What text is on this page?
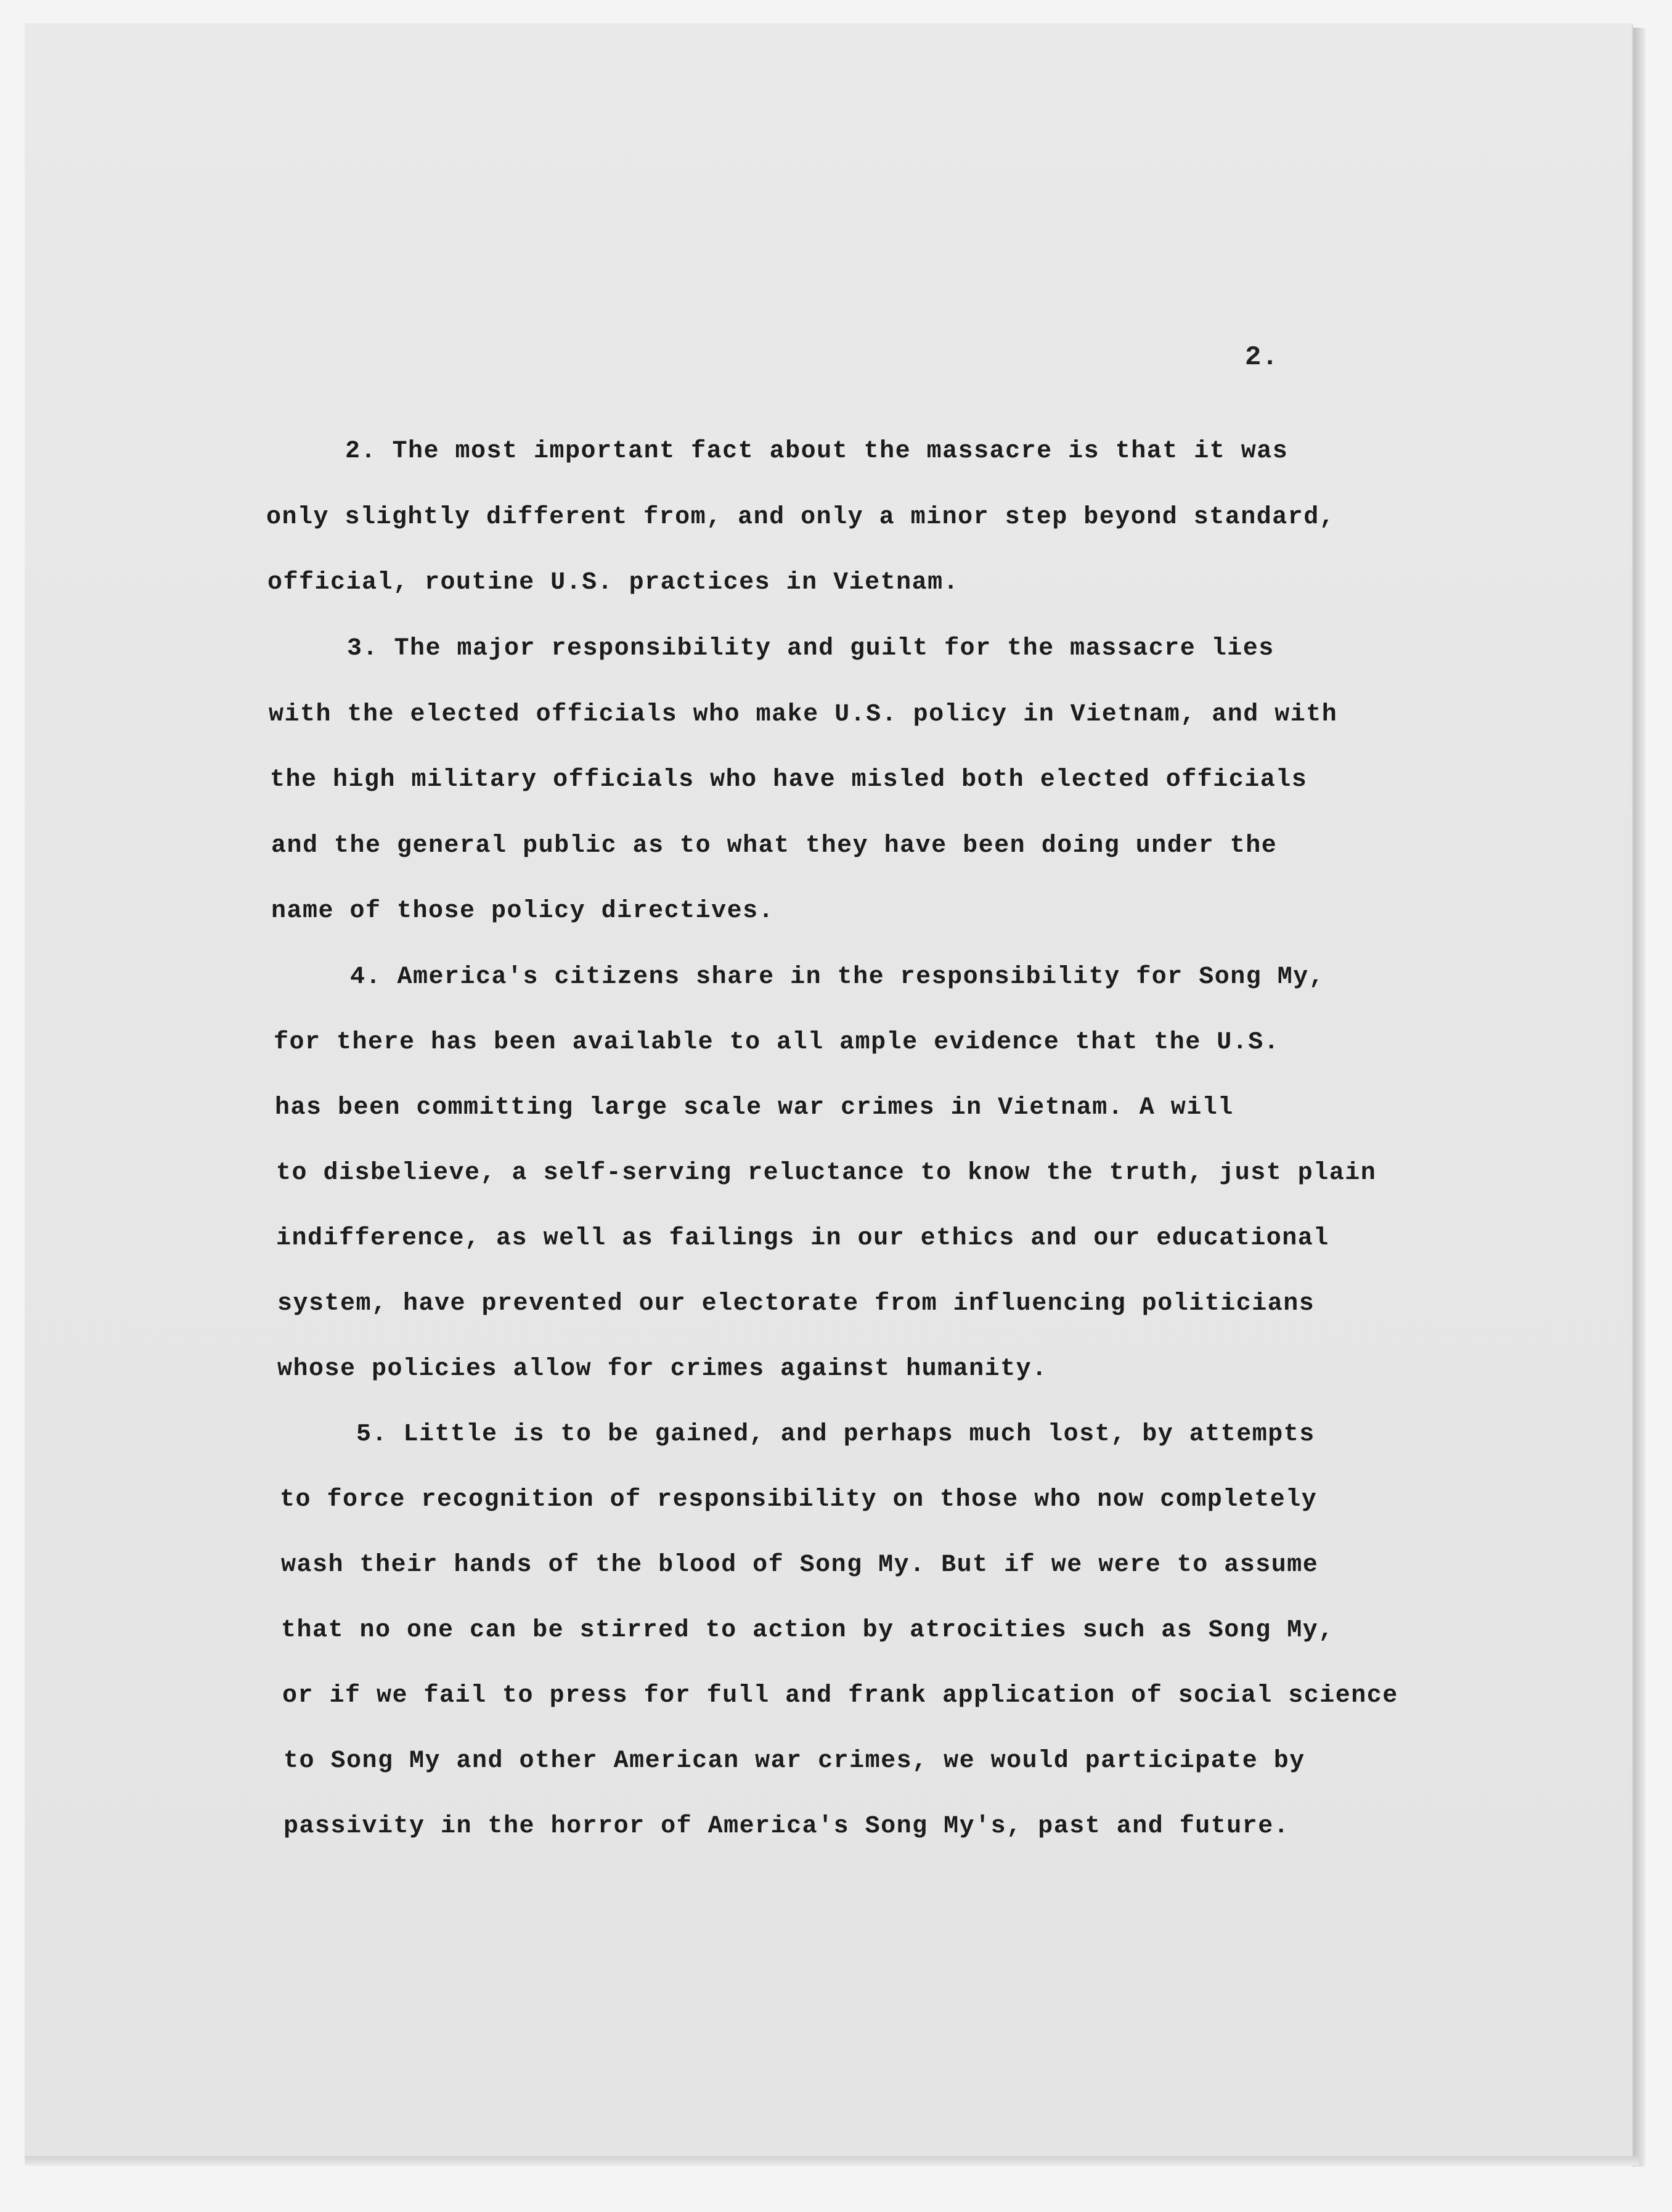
2.
2. The most important fact about the massacre is that it was
only slightly different from, and only a minor step beyond standard,
official, routine U.S. practices in Vietnam.
3. The major responsibility and guilt for the massacre lies
with the elected officials who make U.S. policy in Vietnam, and with
the high military officials who have misled both elected officials
and the general public as to what they have been doing under the
name of those policy directives.
4. America's citizens share in the responsibility for Song My,
for there has been available to all ample evidence that the U.S.
has been committing large scale war crimes in Vietnam. A will
to disbelieve, a self-serving reluctance to know the truth, just plain
indifference, as well as failings in our ethics and our educational
system, have prevented our electorate from influencing politicians
whose policies allow for crimes against humanity.
5. Little is to be gained, and perhaps much lost, by attempts
to force recognition of responsibility on those who now completely
wash their hands of the blood of Song My. But if we were to assume
that no one can be stirred to action by atrocities such as Song My,
or if we fail to press for full and frank application of social science
to Song My and other American war crimes, we would participate by
passivity in the horror of America's Song My's, past and future.
